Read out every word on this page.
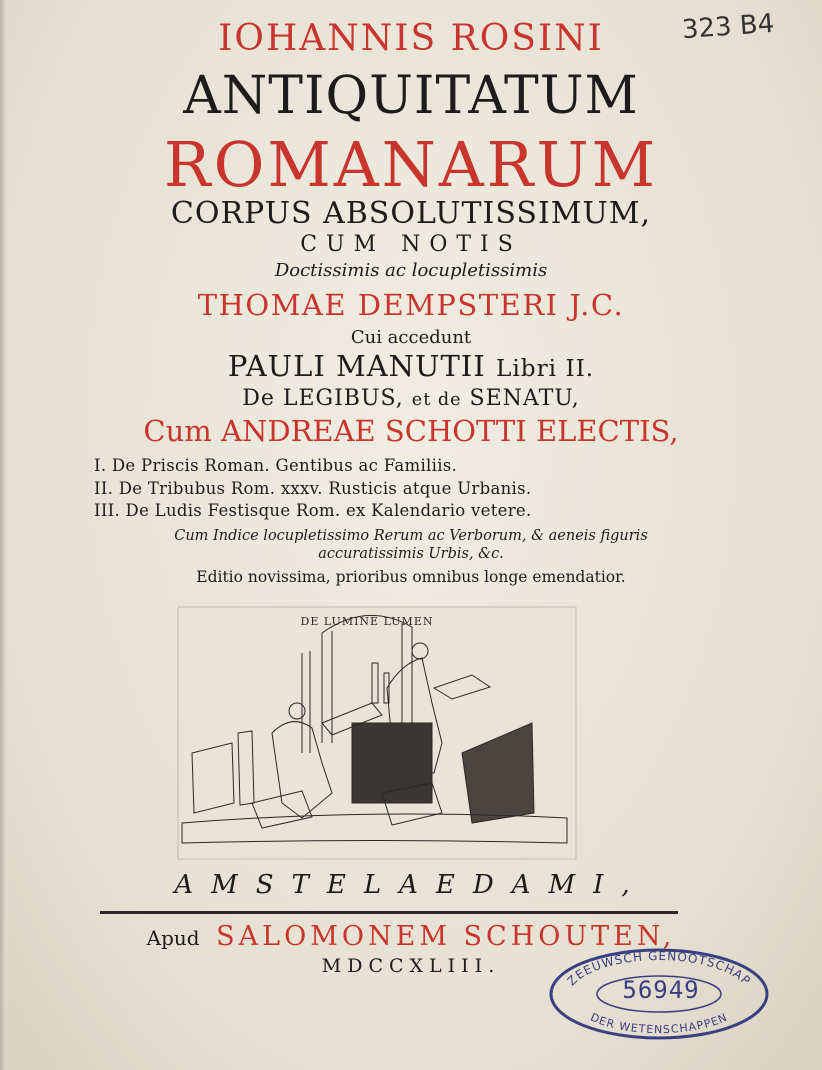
323 B4
IOHANNIS ROSINI
ANTIQUITATUM
ROMANARUM
CORPUS ABSOLUTISSIMUM,
CUM NOTIS
Doctissimis ac locupletissimis
THOMAE DEMPSTERI J.C.
Cui accedunt
PAULI MANUTII Libri II.
De LEGIBUS, et de SENATU,
Cum ANDREAE SCHOTTI ELECTIS,
I. De Priscis Roman. Gentibus ac Familiis.
II. De Tribubus Rom. xxxv. Rusticis atque Urbanis.
III. De Ludis Festisque Rom. ex Kalendario vetere.
Cum Indice locupletissimo Rerum ac Verborum, & aeneis figuris
accuratissimis Urbis, &c.
Editio novissima, prioribus omnibus longe emendatior.
DE LUMINE LUMEN
AMSTELAEDAMI,
Apud SALOMONEM SCHOUTEN,
MDCCXLIII.
ZEEUWSCH GENOOTSCHAP
DER WETENSCHAPPEN
56949
